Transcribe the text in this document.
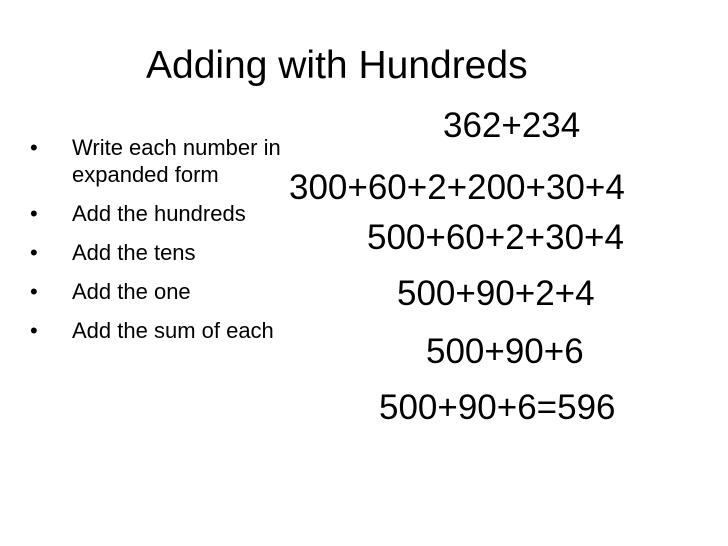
Adding with Hundreds
• Write each number in expanded form
• Add the hundreds
• Add the tens
• Add the one
• Add the sum of each
362+234
300+60+2+200+30+4
500+60+2+30+4
500+90+2+4
500+90+6
500+90+6=596
